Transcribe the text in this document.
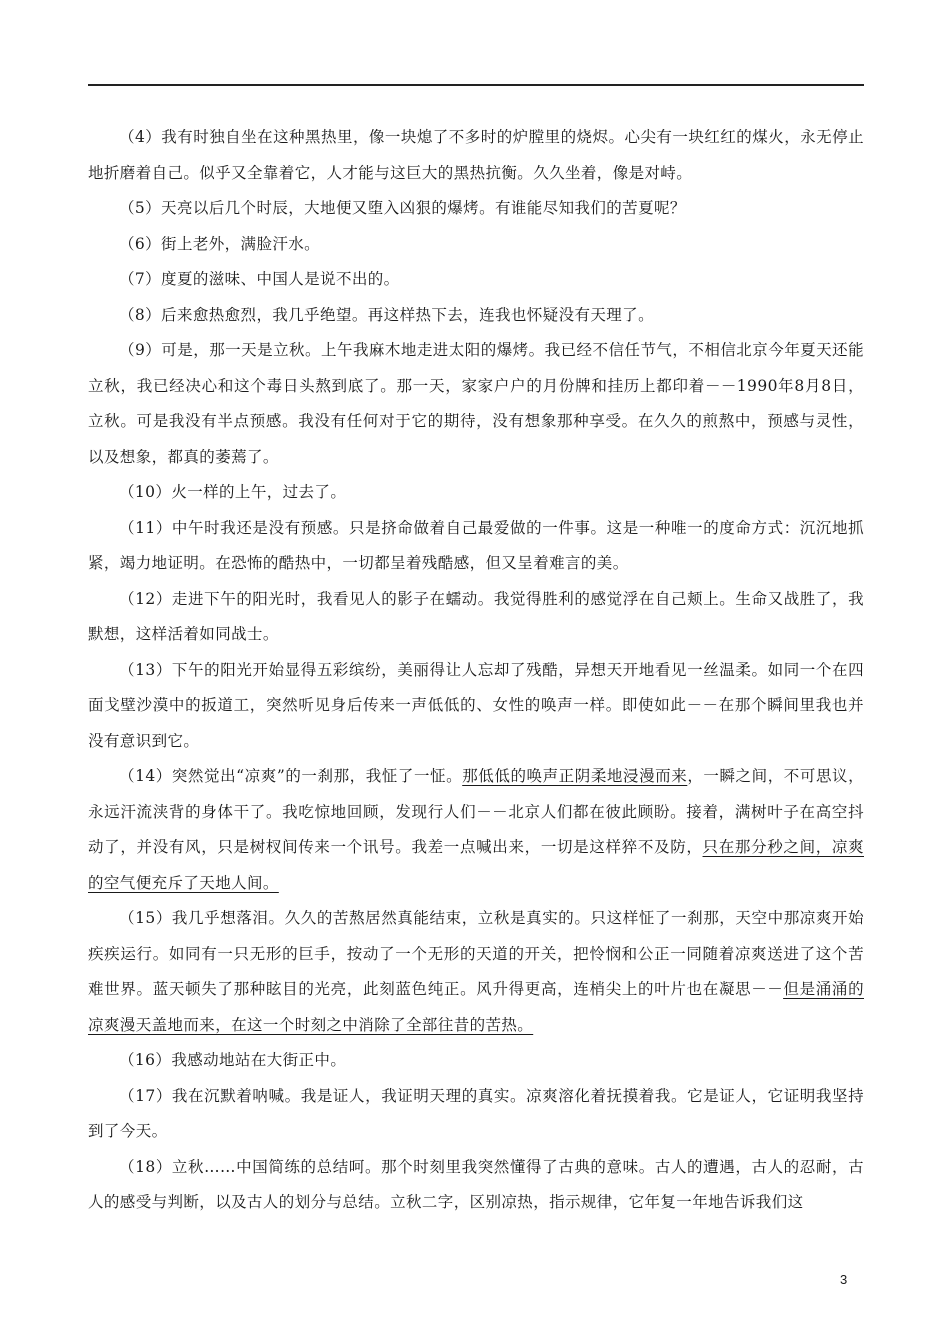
（4）我有时独自坐在这种黑热里，像一块熄了不多时的炉膛里的烧烬。心尖有一块红红的煤火，永无停止地折磨着自己。似乎又全靠着它，人才能与这巨大的黑热抗衡。久久坐着，像是对峙。

（5）天亮以后几个时辰，大地便又堕入凶狠的爆烤。有谁能尽知我们的苦夏呢？

（6）街上老外，满脸汗水。

（7）度夏的滋味、中国人是说不出的。

（8）后来愈热愈烈，我几乎绝望。再这样热下去，连我也怀疑没有天理了。

（9）可是，那一天是立秋。上午我麻木地走进太阳的爆烤。我已经不信任节气，不相信北京今年夏天还能立秋，我已经决心和这个毒日头熬到底了。那一天，家家户户的月份牌和挂历上都印着－－1990年8月8日，立秋。可是我没有半点预感。我没有任何对于它的期待，没有想象那种享受。在久久的煎熬中，预感与灵性，以及想象，都真的萎蔫了。

（10）火一样的上午，过去了。

（11）中午时我还是没有预感。只是挤命做着自己最爱做的一件事。这是一种唯一的度命方式：沉沉地抓紧，竭力地证明。在恐怖的酷热中，一切都呈着残酷感，但又呈着难言的美。

（12）走进下午的阳光时，我看见人的影子在蠕动。我觉得胜利的感觉浮在自己颊上。生命又战胜了，我默想，这样活着如同战士。

（13）下午的阳光开始显得五彩缤纷，美丽得让人忘却了残酷，异想天开地看见一丝温柔。如同一个在四面戈壁沙漠中的扳道工，突然听见身后传来一声低低的、女性的唤声一样。即使如此－－在那个瞬间里我也并没有意识到它。

（14）突然觉出“凉爽”的一刹那，我怔了一怔。那低低的唤声正阴柔地浸漫而来，一瞬之间，不可思议，永远汗流浃背的身体干了。我吃惊地回顾，发现行人们－－北京人们都在彼此顾盼。接着，满树叶子在高空抖动了，并没有风，只是树杈间传来一个讯号。我差一点喊出来，一切是这样猝不及防，只在那分秒之间，凉爽的空气便充斥了天地人间。

（15）我几乎想落泪。久久的苦熬居然真能结束，立秋是真实的。只这样怔了一刹那，天空中那凉爽开始疾疾运行。如同有一只无形的巨手，按动了一个无形的天道的开关，把怜悯和公正一同随着凉爽送进了这个苦难世界。蓝天顿失了那种眩目的光亮，此刻蓝色纯正。风升得更高，连梢尖上的叶片也在凝思－－但是涌涌的凉爽漫天盖地而来，在这一个时刻之中消除了全部往昔的苦热。

（16）我感动地站在大街正中。

（17）我在沉默着呐喊。我是证人，我证明天理的真实。凉爽溶化着抚摸着我。它是证人，它证明我坚持到了今天。

（18）立秋……中国简练的总结呵。那个时刻里我突然懂得了古典的意味。古人的遭遇，古人的忍耐，古人的感受与判断，以及古人的划分与总结。立秋二字，区别凉热，指示规律，它年复一年地告诉我们这

3
